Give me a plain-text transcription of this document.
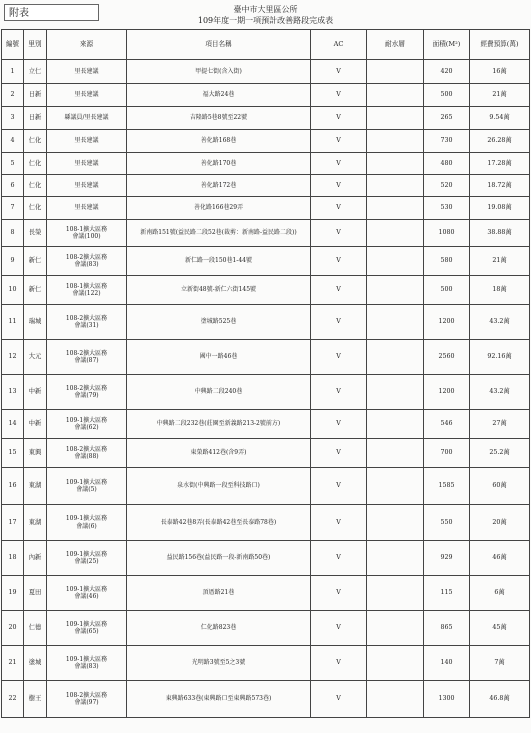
附表	臺中市大里區公所
109年度一期一項預計改善路段完成表
編號	里別	來源	項目名稱	AC	耐水層	面積(M²)	經費預算(萬)
1	立仁	里長建議	甲提七街(含入街)	V		420	16萬
2	日新	里長建議	福大路24巷	V		500	21萬
3	日新	縣議員/里長建議	吉隆路5巷8號至22號	V		265	9.54萬
4	仁化	里長建議	善化路168巷	V		730	26.28萬
5	仁化	里長建議	善化路170巷	V		480	17.28萬
6	仁化	里長建議	善化路172巷	V		520	18.72萬
7	仁化	里長建議	善化路166巷29弄	V		530	19.08萬
8	長榮	108-1擴大區務
會議(100)	新南路151號(益民路二段52巷(裁剪：新南路-益民路二段))	V		1080	38.88萬
9	新仁	108-2擴大區務
會議(83)	新仁路一段150巷1-44號	V		580	21萬
10	新仁	108-1擴大區務
會議(122)	立新街48號-新仁六街145號	V		500	18萬
11	瑞城	108-2擴大區務
會議(31)	塗城路525巷	V		1200	43.2萬
12	大元	108-2擴大區務
會議(87)	國中一路46巷	V		2560	92.16萬
13	中新	108-2擴大區務
會議(79)	中興路二段240巷	V		1200	43.2萬
14	中新	109-1擴大區務
會議(62)	中興路二段232巷(莊園至新義路213-2號前方)	V		546	27萬
15	東興	108-2擴大區務
會議(88)	東榮路412巷(含9弄)	V		700	25.2萬
16	東湖	109-1擴大區務
會議(5)	泉水街(中興路一段至科技路口)	V		1585	60萬
17	東湖	109-1擴大區務
會議(6)	長泰路42巷8弄(長泰路42巷至長泰路78巷)	V		550	20萬
18	內新	109-1擴大區務
會議(25)	益民路156巷(益民路一段-新南路50巷)	V		929	46萬
19	夏田	109-1擴大區務
會議(46)	頂厝路21巷	V		115	6萬
20	仁德	109-1擴大區務
會議(65)	仁化路823巷	V		865	45萬
21	塗城	109-1擴大區務
會議(83)	光明路3號至5之3號	V		140	7萬
22	樹王	108-2擴大區務
會議(97)	東興路633巷(東興路口至東興路573巷)	V		1300	46.8萬
